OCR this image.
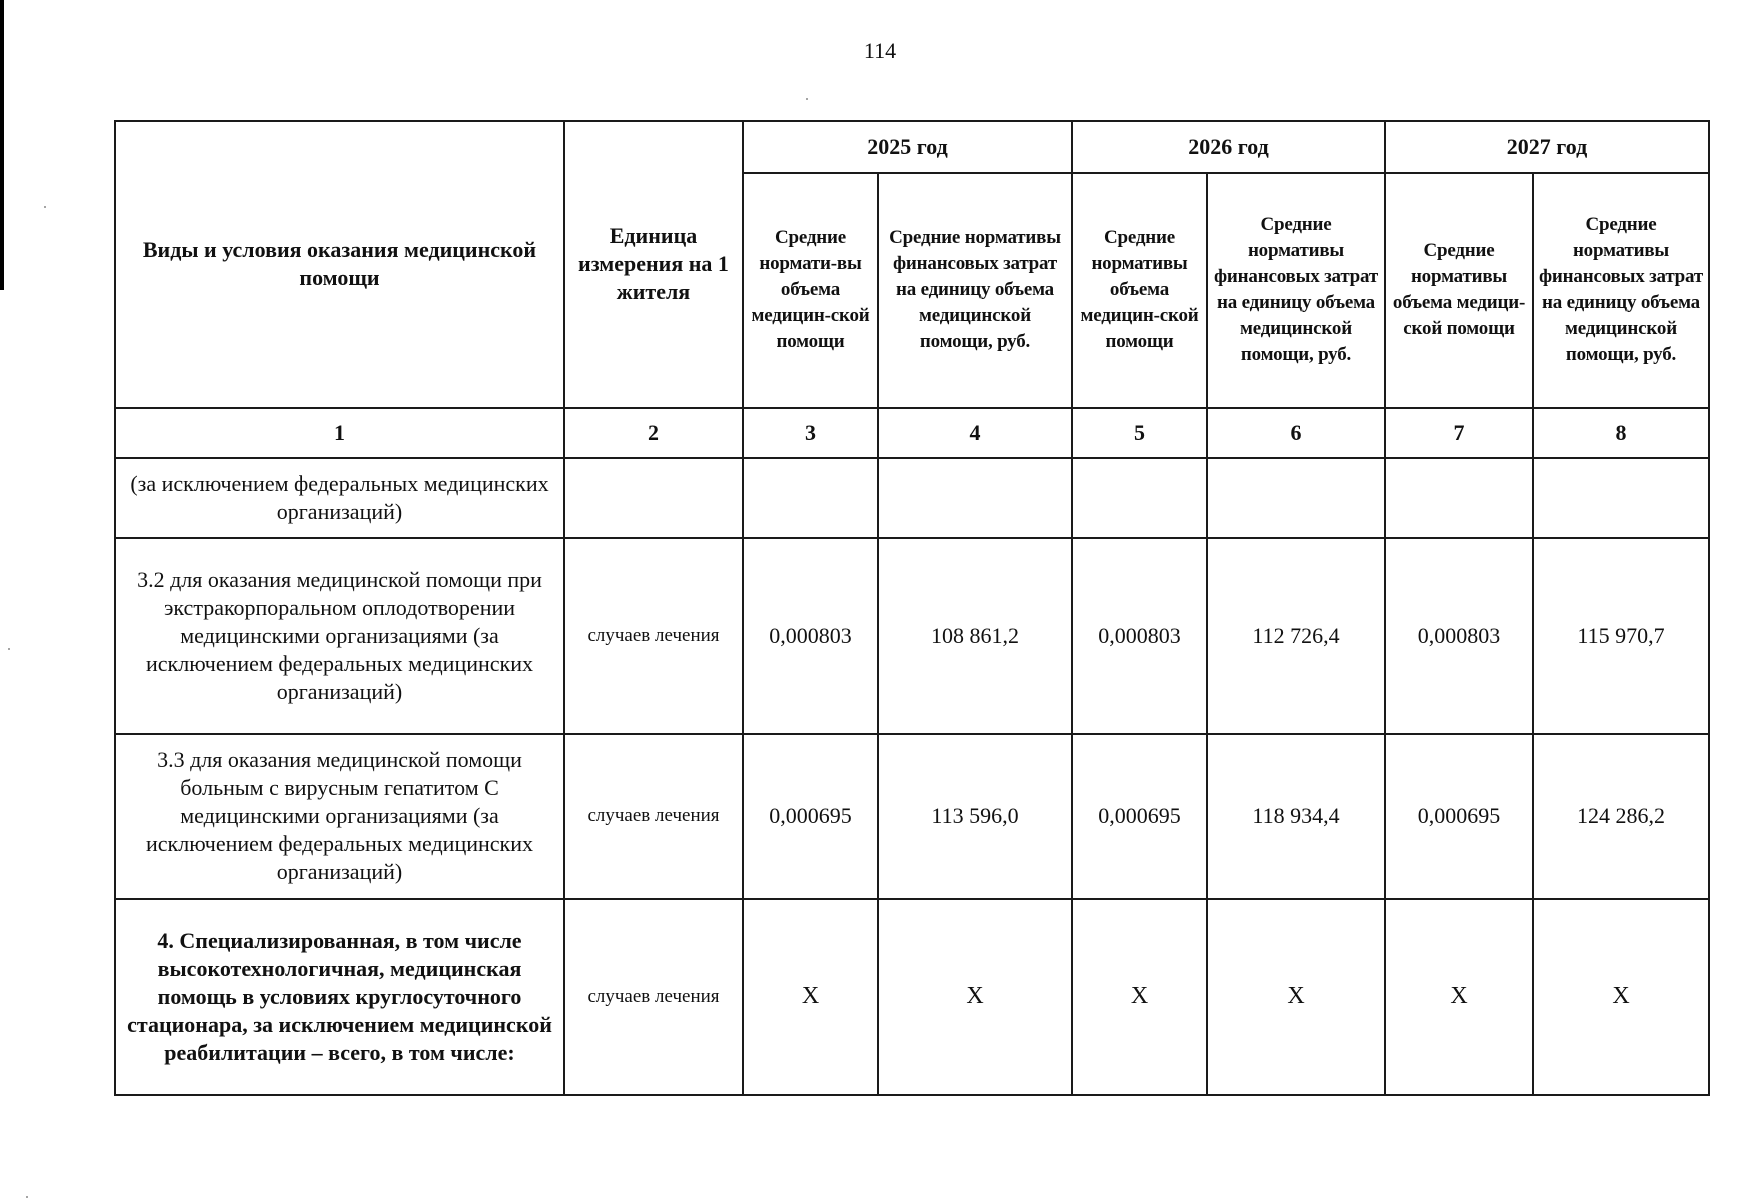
114
Виды и условия оказания медицинской помощи	Единица измерения на 1 жителя	2025 год		2026 год		2027 год	
		Средние нормати-вы объема медицин-ской помощи	Средние нормативы финансовых затрат на единицу объема медицинской помощи, руб.	Средние нормативы объема медицин-ской помощи	Средние нормативы финансовых затрат на единицу объема медицинской помощи, руб.	Средние нормативы объема медици-ской помощи	Средние нормативы финансовых затрат на единицу объема медицинской помощи, руб.
1	2	3	4	5	6	7	8
(за исключением федеральных медицинских организаций)							
3.2 для оказания медицинской помощи при экстракорпоральном оплодотворении медицинскими организациями (за исключением федеральных медицинских организаций)	случаев лечения	0,000803	108 861,2	0,000803	112 726,4	0,000803	115 970,7
3.3 для оказания медицинской помощи больным с вирусным гепатитом С медицинскими организациями (за исключением федеральных медицинских организаций)	случаев лечения	0,000695	113 596,0	0,000695	118 934,4	0,000695	124 286,2
4. Специализированная, в том числе высокотехнологичная, медицинская помощь в условиях круглосуточного стационара, за исключением медицинской реабилитации – всего, в том числе:	случаев лечения	Х	Х	Х	Х	Х	Х
